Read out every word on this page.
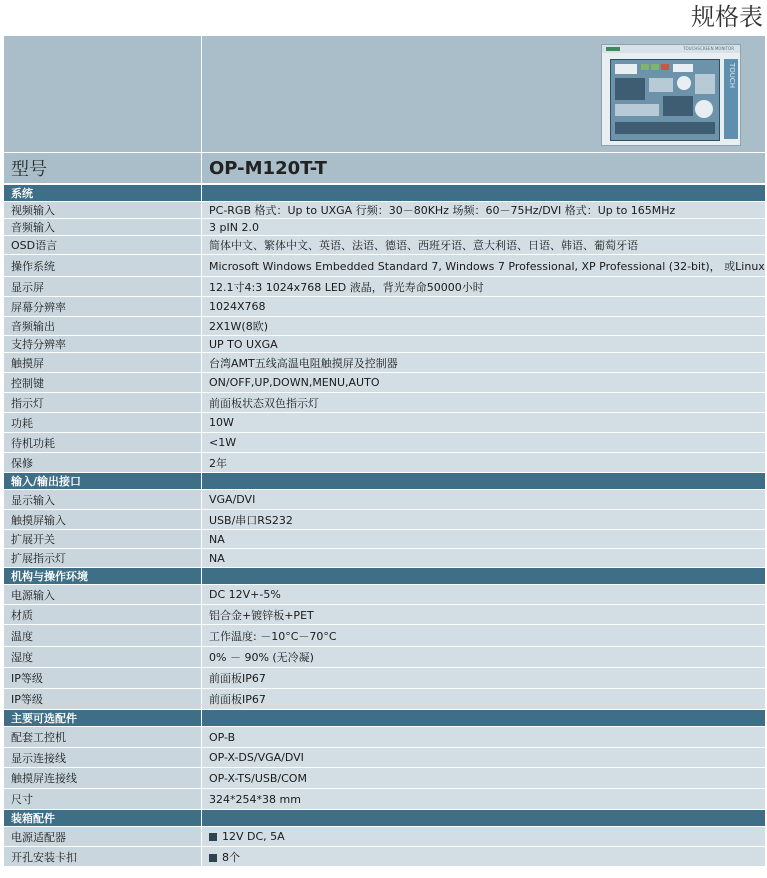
规格表

	TOUCHSCREEN MONITOR
TOUCH

型号	OP-M120T-T
系统	
视频输入	PC-RGB 格式：Up to UXGA 行频：30－80KHz 场频：60－75Hz/DVI 格式：Up to 165MHz
音频输入	3 pIN 2.0
OSD语言	简体中文、繁体中文、英语、法语、德语、西班牙语、意大利语、日语、韩语、葡萄牙语
操作系统	Microsoft Windows Embedded Standard 7, Windows 7 Professional, XP Professional (32-bit)， 或Linux
显示屏	12.1寸4:3 1024x768 LED 液晶，背光寿命50000小时
屏幕分辨率	1024X768
音频输出	2X1W(8欧)
支持分辨率	UP TO UXGA
触摸屏	台湾AMT五线高温电阻触摸屏及控制器
控制键	ON/OFF,UP,DOWN,MENU,AUTO
指示灯	前面板状态双色指示灯
功耗	10W
待机功耗	<1W
保修	2年
输入/输出接口	
显示输入	VGA/DVI
触摸屏输入	USB/串口RS232
扩展开关	NA
扩展指示灯	NA
机构与操作环境	
电源输入	DC 12V+-5%
材质	铝合金+镀锌板+PET
温度	工作温度: －10°C－70°C
湿度	0% － 90% (无冷凝)
IP等级	前面板IP67
IP等级	前面板IP67
主要可选配件	
配套工控机	OP-B
显示连接线	OP-X-DS/VGA/DVI
触摸屏连接线	OP-X-TS/USB/COM
尺寸	324*254*38 mm
装箱配件	
电源适配器	12V DC, 5A
开孔安装卡扣	8个
